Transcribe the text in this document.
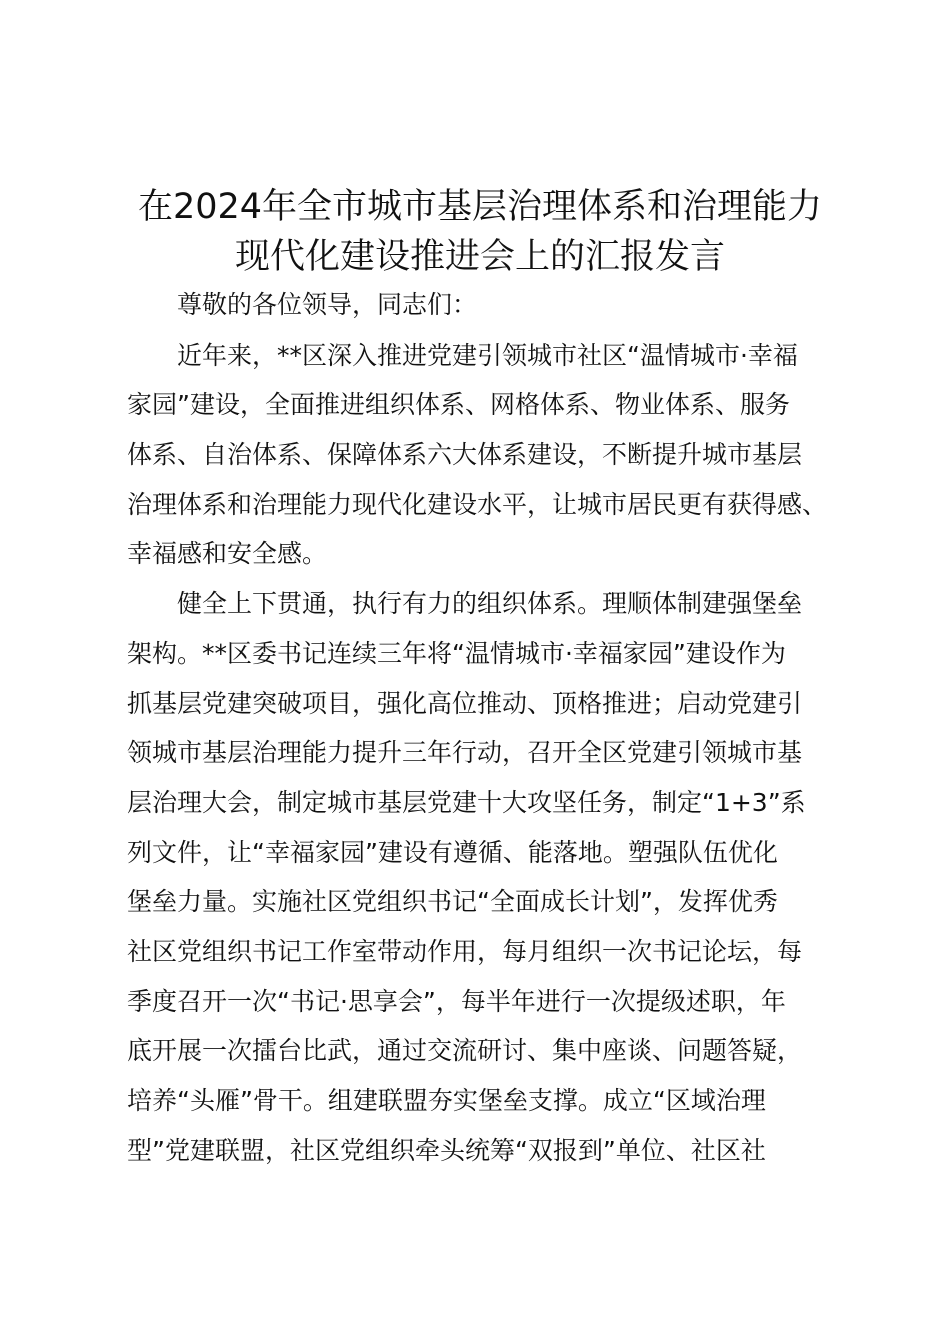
在2024年全市城市基层治理体系和治理能力
现代化建设推进会上的汇报发言
　　尊敬的各位领导，同志们：
　　近年来，**区深入推进党建引领城市社区“温情城市·幸福
家园”建设，全面推进组织体系、网格体系、物业体系、服务
体系、自治体系、保障体系六大体系建设，不断提升城市基层
治理体系和治理能力现代化建设水平，让城市居民更有获得感、
幸福感和安全感。
　　健全上下贯通，执行有力的组织体系。理顺体制建强堡垒
架构。**区委书记连续三年将“温情城市·幸福家园”建设作为
抓基层党建突破项目，强化高位推动、顶格推进；启动党建引
领城市基层治理能力提升三年行动，召开全区党建引领城市基
层治理大会，制定城市基层党建十大攻坚任务，制定“1+3”系
列文件，让“幸福家园”建设有遵循、能落地。塑强队伍优化
堡垒力量。实施社区党组织书记“全面成长计划”，发挥优秀
社区党组织书记工作室带动作用，每月组织一次书记论坛，每
季度召开一次“书记·思享会”，每半年进行一次提级述职，年
底开展一次擂台比武，通过交流研讨、集中座谈、问题答疑，
培养“头雁”骨干。组建联盟夯实堡垒支撑。成立“区域治理
型”党建联盟，社区党组织牵头统筹“双报到”单位、社区社
